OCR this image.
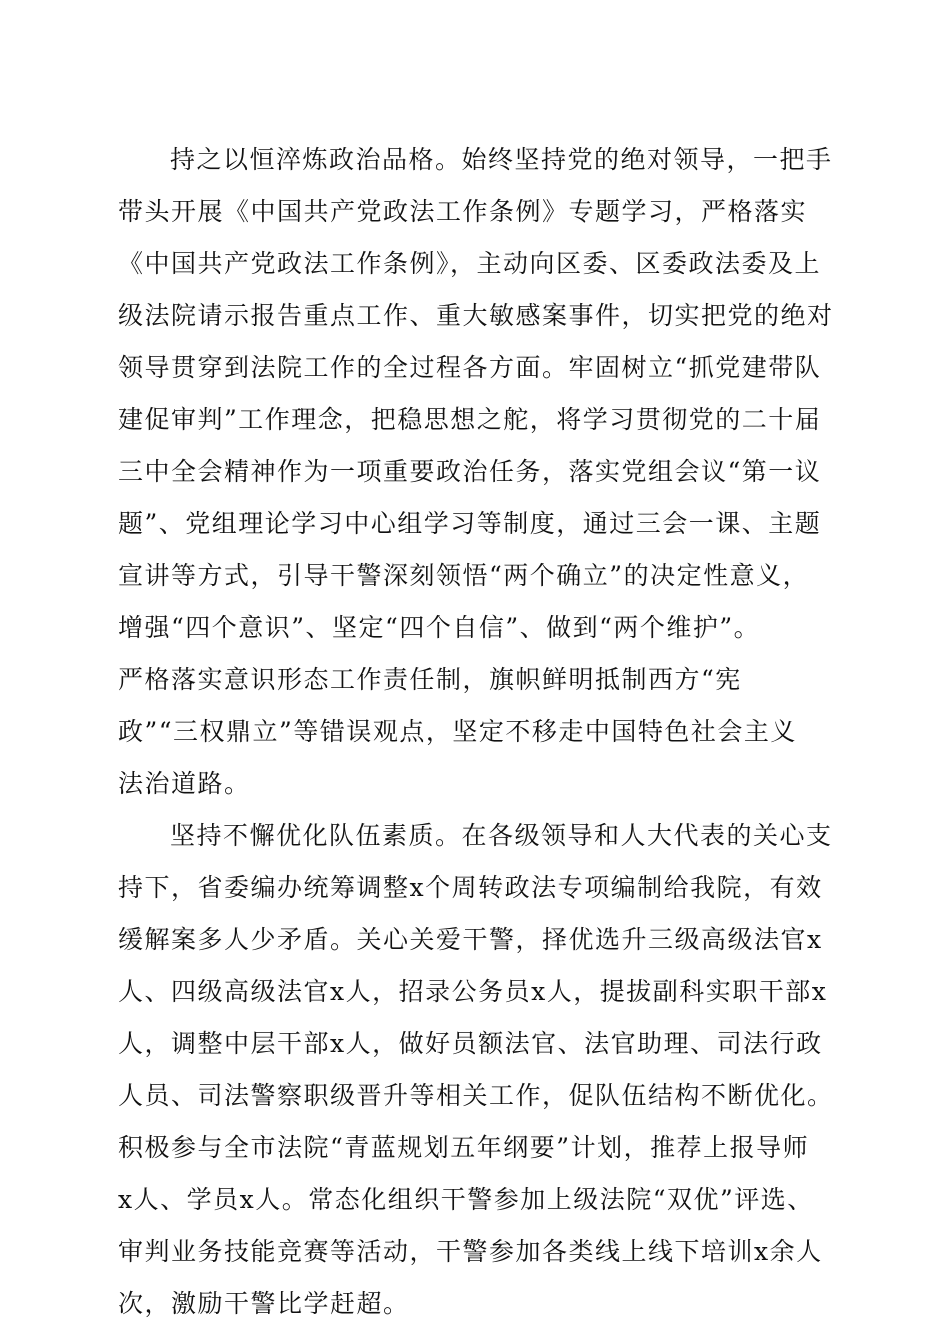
持之以恒淬炼政治品格。始终坚持党的绝对领导，一把手
带头开展《中国共产党政法工作条例》专题学习，严格落实
《中国共产党政法工作条例》，主动向区委、区委政法委及上
级法院请示报告重点工作、重大敏感案事件，切实把党的绝对
领导贯穿到法院工作的全过程各方面。牢固树立“抓党建带队
建促审判”工作理念，把稳思想之舵，将学习贯彻党的二十届
三中全会精神作为一项重要政治任务，落实党组会议“第一议
题”、党组理论学习中心组学习等制度，通过三会一课、主题
宣讲等方式，引导干警深刻领悟“两个确立”的决定性意义，
增强“四个意识”、坚定“四个自信”、做到“两个维护”。
严格落实意识形态工作责任制，旗帜鲜明抵制西方“宪
政”“三权鼎立”等错误观点，坚定不移走中国特色社会主义
法治道路。
坚持不懈优化队伍素质。在各级领导和人大代表的关心支
持下，省委编办统筹调整x个周转政法专项编制给我院，有效
缓解案多人少矛盾。关心关爱干警，择优选升三级高级法官x
人、四级高级法官x人，招录公务员x人，提拔副科实职干部x
人，调整中层干部x人，做好员额法官、法官助理、司法行政
人员、司法警察职级晋升等相关工作，促队伍结构不断优化。
积极参与全市法院“青蓝规划五年纲要”计划，推荐上报导师
x人、学员x人。常态化组织干警参加上级法院“双优”评选、
审判业务技能竞赛等活动，干警参加各类线上线下培训x余人
次，激励干警比学赶超。
